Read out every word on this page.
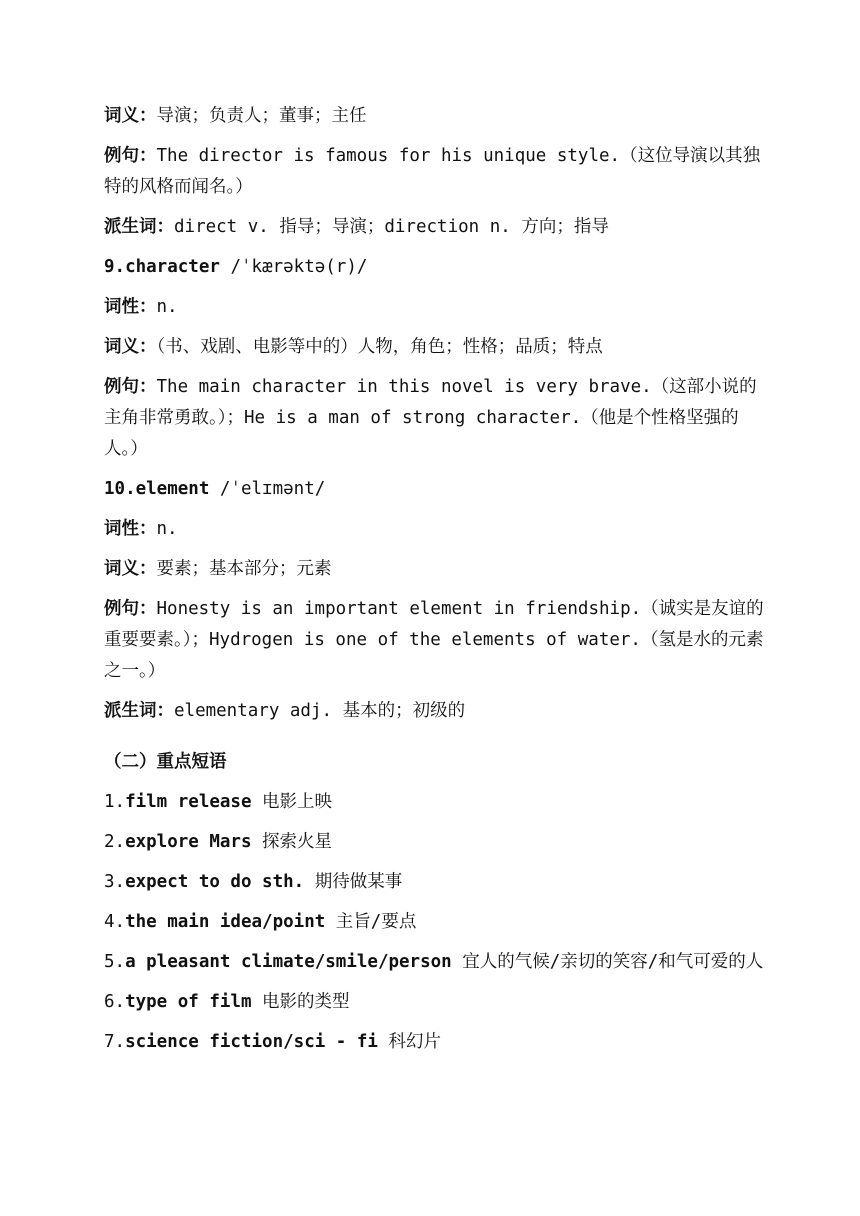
词义：导演；负责人；董事；主任

例句：The director is famous for his unique style.（这位导演以其独特的风格而闻名。）

派生词：direct v. 指导；导演；direction n. 方向；指导

9.character /ˈkærəktə(r)/

词性：n.

词义：（书、戏剧、电影等中的）人物，角色；性格；品质；特点

例句：The main character in this novel is very brave.（这部小说的主角非常勇敢。）；He is a man of strong character.（他是个性格坚强的人。）

10.element /ˈelɪmənt/

词性：n.

词义：要素；基本部分；元素

例句：Honesty is an important element in friendship.（诚实是友谊的重要要素。）；Hydrogen is one of the elements of water.（氢是水的元素之一。）

派生词：elementary adj. 基本的；初级的

（二）重点短语

1. film release 电影上映
2. explore Mars 探索火星
3. expect to do sth. 期待做某事
4. the main idea/point 主旨/要点
5. a pleasant climate/smile/person 宜人的气候/亲切的笑容/和气可爱的人
6. type of film 电影的类型
7. science fiction/sci - fi 科幻片
